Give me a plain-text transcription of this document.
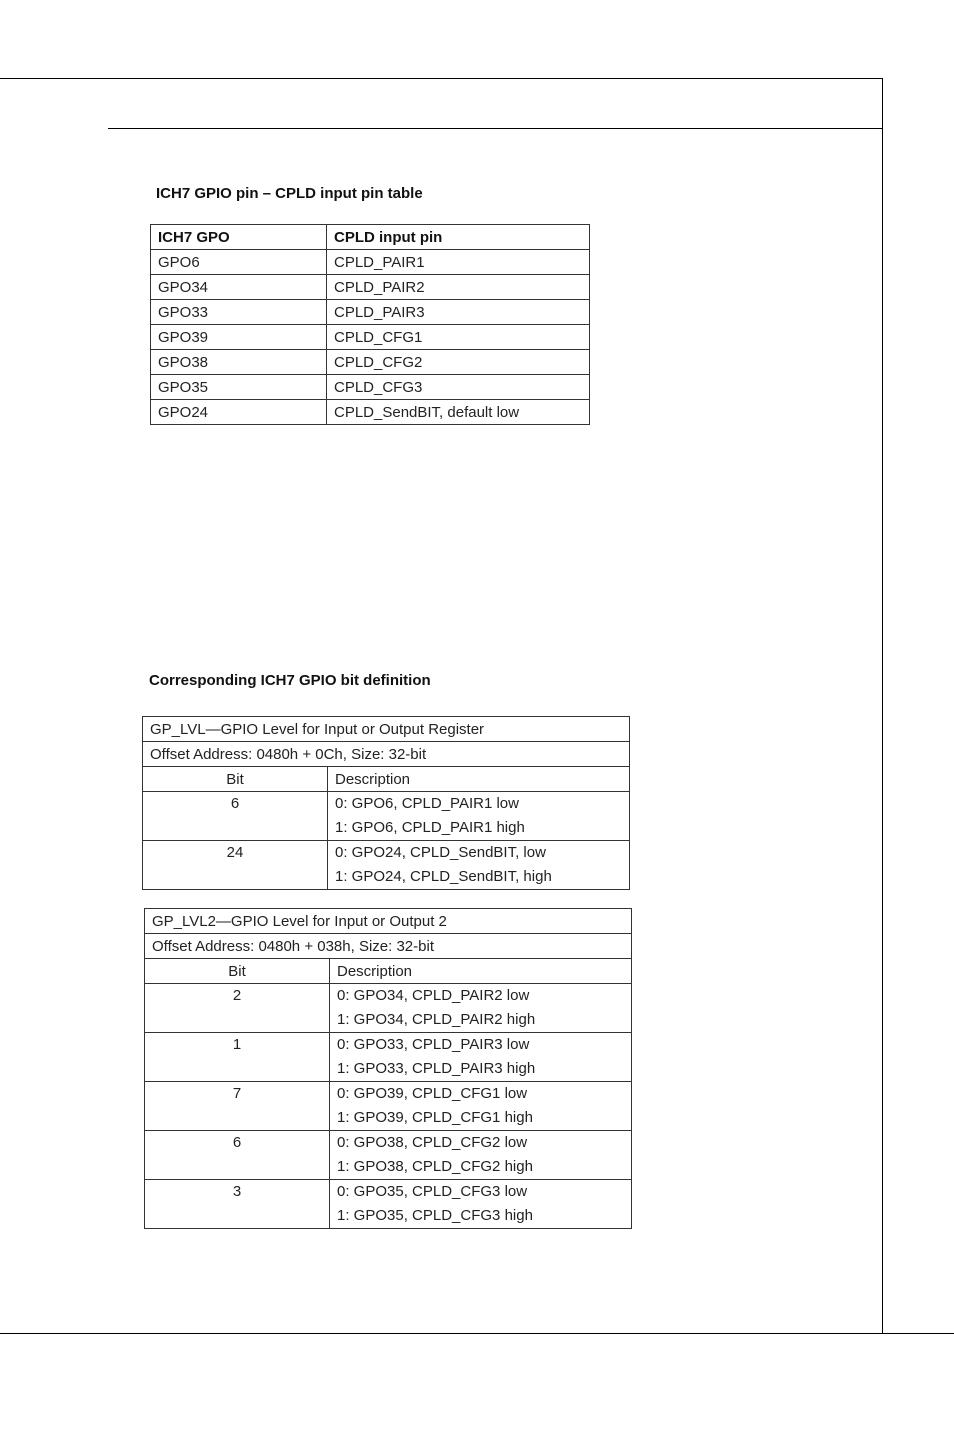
ICH7 GPIO pin – CPLD input pin table
ICH7 GPO	CPLD input pin
GPO6	CPLD_PAIR1
GPO34	CPLD_PAIR2
GPO33	CPLD_PAIR3
GPO39	CPLD_CFG1
GPO38	CPLD_CFG2
GPO35	CPLD_CFG3
GPO24	CPLD_SendBIT, default low
Corresponding ICH7 GPIO bit definition
GP_LVL—GPIO Level for Input or Output Register	
Offset Address: 0480h + 0Ch, Size: 32-bit	
Bit	Description
6	0: GPO6, CPLD_PAIR1 low
1: GPO6, CPLD_PAIR1 high

24	0: GPO24, CPLD_SendBIT, low
1: GPO24, CPLD_SendBIT, high
GP_LVL2—GPIO Level for Input or Output 2	
Offset Address: 0480h + 038h, Size: 32-bit	
Bit	Description
2	0: GPO34, CPLD_PAIR2 low
1: GPO34, CPLD_PAIR2 high

1	0: GPO33, CPLD_PAIR3 low
1: GPO33, CPLD_PAIR3 high

7	0: GPO39, CPLD_CFG1 low
1: GPO39, CPLD_CFG1 high

6	0: GPO38, CPLD_CFG2 low
1: GPO38, CPLD_CFG2 high

3	0: GPO35, CPLD_CFG3 low
1: GPO35, CPLD_CFG3 high
